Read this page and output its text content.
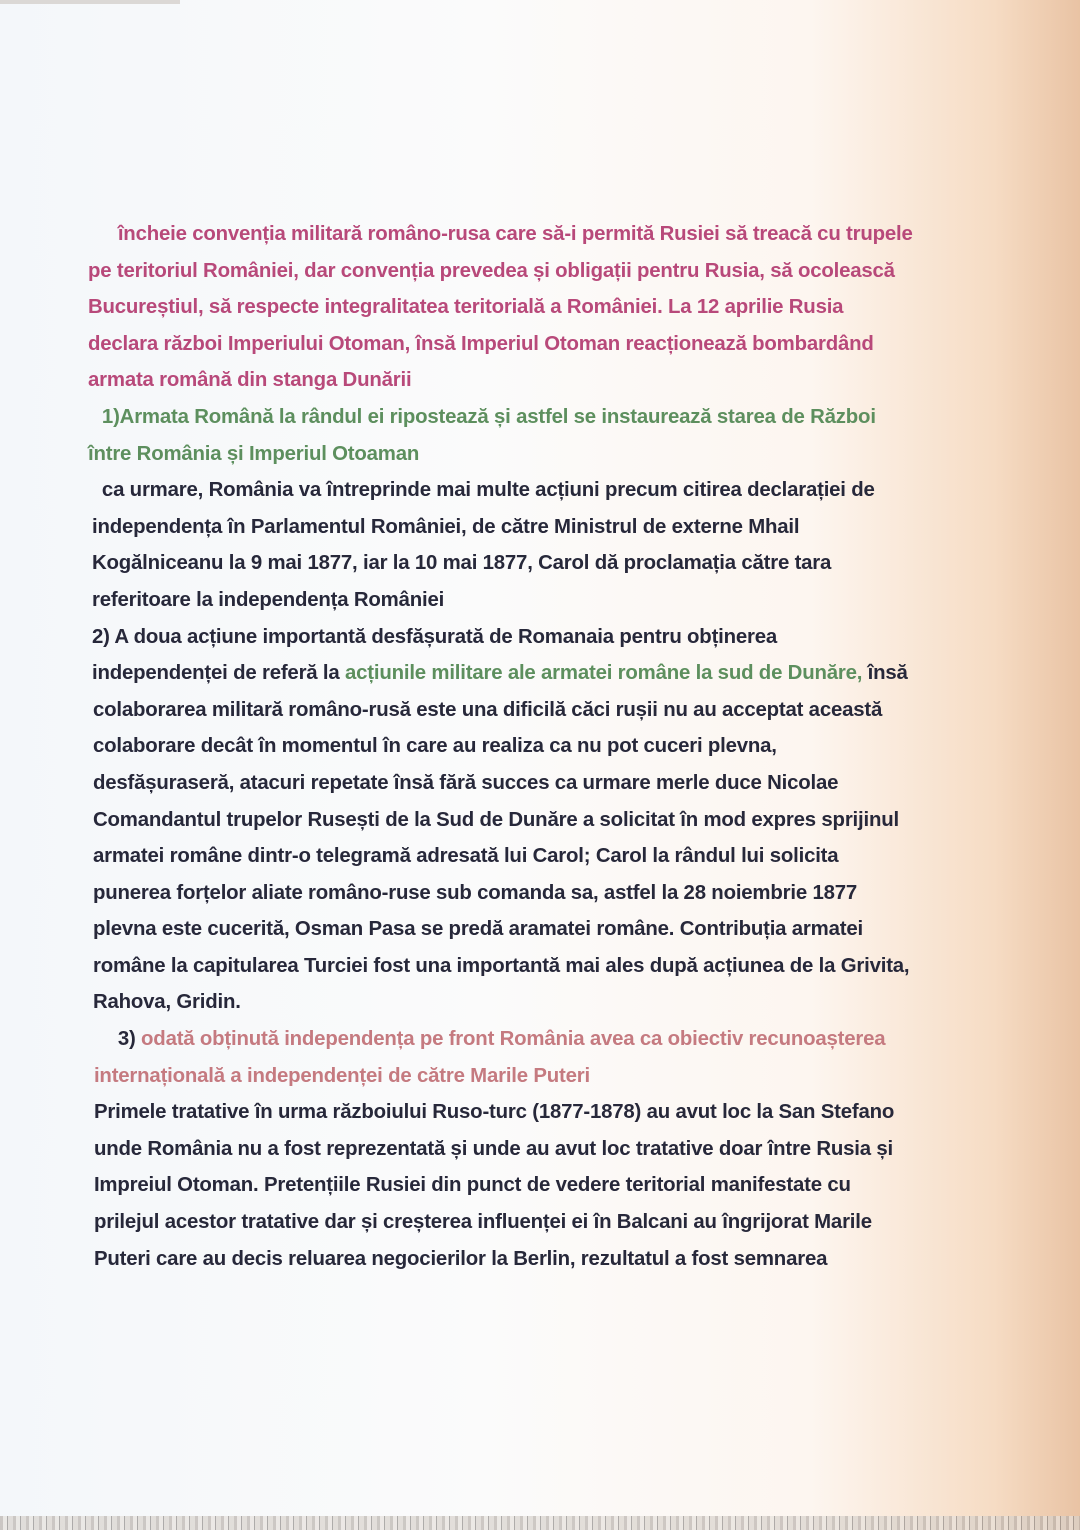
încheie convenția militară româno-rusa care să-i permită Rusiei să treacă cu trupele
pe teritoriul României, dar convenția prevedea și obligații pentru Rusia, să ocolească
Bucureștiul, să respecte integralitatea teritorială a României. La 12 aprilie Rusia
declara război Imperiului Otoman, însă Imperiul Otoman reacționează bombardând
armata română din stanga Dunării
1)Armata Română la rândul ei ripostează și astfel se instaurează starea de Război
între România și Imperiul Otoaman
ca urmare, România va întreprinde mai multe acțiuni precum citirea declarației de
independența în Parlamentul României, de către Ministrul de externe Mhail
Kogălniceanu la 9 mai 1877, iar la 10 mai 1877, Carol dă proclamația către tara
referitoare la independența României
2) A doua acțiune importantă desfășurată de Romanaia pentru obținerea
independenței de referă la acțiunile militare ale armatei române la sud de Dunăre, însă
colaborarea militară româno-rusă este una dificilă căci rușii nu au acceptat această
colaborare decât în momentul în care au realiza ca nu pot cuceri plevna,
desfășuraseră, atacuri repetate însă fără succes ca urmare merle duce Nicolae
Comandantul trupelor Rusești de la Sud de Dunăre a solicitat în mod expres sprijinul
armatei române dintr-o telegramă adresată lui Carol; Carol la rândul lui solicita
punerea forțelor aliate româno-ruse sub comanda sa, astfel la 28 noiembrie 1877
plevna este cucerită, Osman Pasa se predă aramatei române. Contribuția armatei
române la capitularea Turciei fost una importantă mai ales după acțiunea de la Grivita,
Rahova, Gridin.
3) odată obținută independența pe front România avea ca obiectiv recunoașterea
internațională a independenței de către Marile Puteri
Primele tratative în urma războiului Ruso-turc (1877-1878) au avut loc la San Stefano
unde România nu a fost reprezentată și unde au avut loc tratative doar între Rusia și
Impreiul Otoman. Pretențiile Rusiei din punct de vedere teritorial manifestate cu
prilejul acestor tratative dar și creșterea influenței ei în Balcani au îngrijorat Marile
Puteri care au decis reluarea negocierilor la Berlin, rezultatul a fost semnarea
